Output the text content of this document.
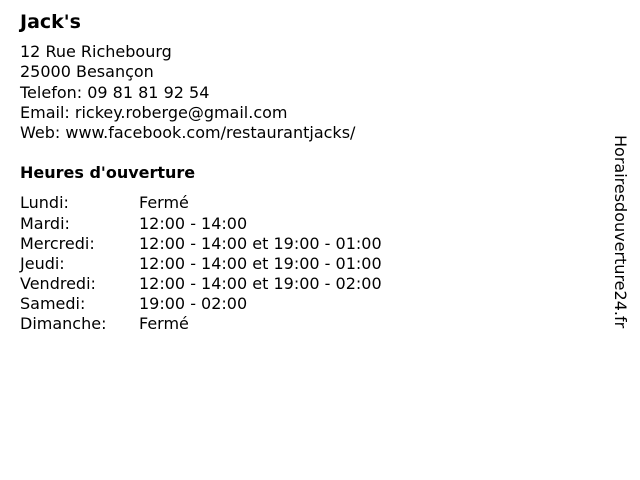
Jack's
12 Rue Richebourg
25000 Besançon
Telefon: 09 81 81 92 54
Email: rickey.roberge@gmail.com
Web: www.facebook.com/restaurantjacks/
Heures d'ouverture
Lundi:	Fermé
Mardi:	12:00 - 14:00
Mercredi:	12:00 - 14:00 et 19:00 - 01:00
Jeudi:	12:00 - 14:00 et 19:00 - 01:00
Vendredi:	12:00 - 14:00 et 19:00 - 02:00
Samedi:	19:00 - 02:00
Dimanche:	Fermé	Horairesdouverture24.fr
